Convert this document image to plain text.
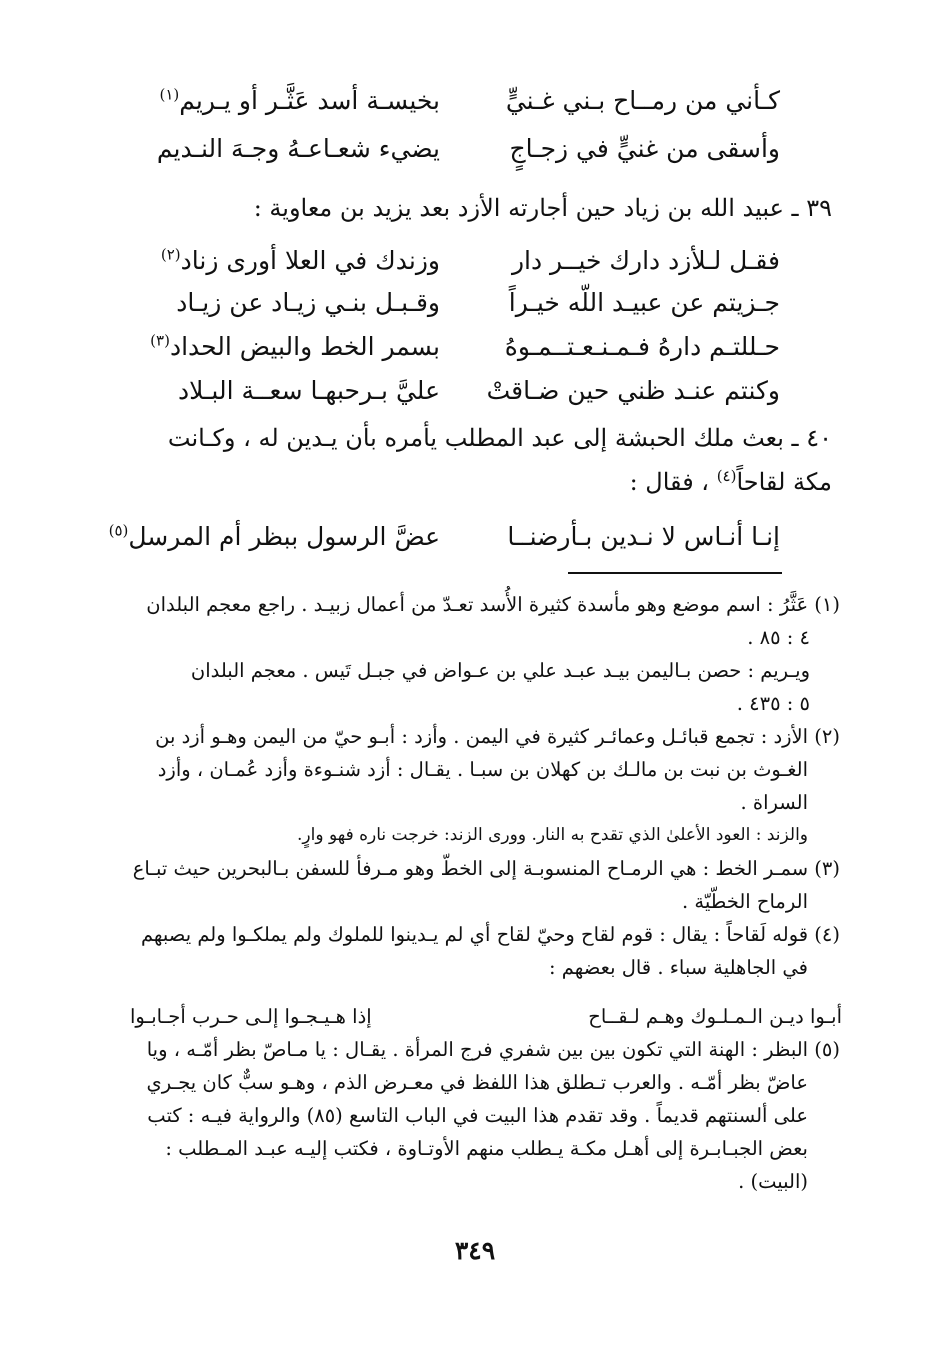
كـأني من رمــاح بـني غـنيٍّ
بخيسـة أسد عَثَّـر أو يـريم$^{(١)}$
وأسقى من غنيٍّ في زجـاجٍ
يضيء شعـاعـهُ وجـهَ النـديم
٣٩ ـ عبيد الله بن زياد حين أجارته الأزد بعد يزيد بن معاوية :
فقـل لـلأزد دارك خيــر دار
وزندك في العلا أورى زناد$^{(٢)}$
جـزيتم عن عبيـد اللّه خيـراً
وقـبـل بنـي زيـاد عن زيـاد
حـللتـم دارهُ فـمـنـعـتــمـوهُ
بسمر الخط والبيض الحداد$^{(٣)}$
وكنتم عنـد ظني حين ضـاقتْ
عليَّ بـرحبهـا سعــة البـلاد
٤٠ ـ بعث ملك الحبشة إلى عبد المطلب يأمره بأن يـدين له ، وكـانت
مكة لقاحاً$^{(٤)}$ ، فقال :
إنـا أنـاس لا نـدين بـأرضنــا
عضَّ الرسول ببظر أم المرسل$^{(٥)}$
(١) عَثَّرُ : اسم موضع وهو مأسدة كثيرة الأُسد تعـدّ من أعمال زبيـد . راجع معجم البلدان
٤ : ٨٥ .
ويـريم : حصن بـاليمن بيـد عبـد علي بن عـواض في جبـل تَيس . معجم البلدان
٥ : ٤٣٥ .
(٢) الأزد : تجمع قبائـل وعمائـر كثيرة في اليمن . وأزد : أبـو حيّ من اليمن وهـو أزد بن
الغـوث بن نبت بن مالـك بن كهلان بن سبـا . يقـال : أزد شنـوءة وأزد عُمـان ، وأزد
السراة .
والزند : العود الأعلىٰ الذي تقدح به النار. وورى الزند: خرجت ناره فهو وارٍ.
(٣) سمـر الخط : هي الرمـاح المنسوبـة إلى الخطّ وهو مـرفأ للسفن بـالبحرين حيث تبـاع
الرماح الخطّيّة .
(٤) قوله لَقاحاً : يقال : قوم لقاح وحيّ لقاح أي لم يـدينوا للملوك ولم يملكـوا ولم يصبهم
في الجاهلية سباء . قال بعضهم :
أبـوا ديـن الـمـلـوك وهـم لـقــاح
إذا هـيـجـوا إلـى حـرب أجـابـوا
(٥) البظر : الهنة التي تكون بين بين شفري فرج المرأة . يقـال : يا مـاصّ بظر أمّـه ، ويا
عاضّ بظر أمّـه . والعرب تـطلق هذا اللفظ في معـرض الذم ، وهـو سبٌّ كان يجـري
على ألسنتهم قديماً . وقد تقدم هذا البيت في الباب التاسع (٨٥) والرواية فيـه : كتب
بعض الجبـابـرة إلى أهـل مكـة يـطلب منهم الأوتـاوة ، فكتب إليـه عبـد المـطلب :
(البيت) .
٣٤٩
